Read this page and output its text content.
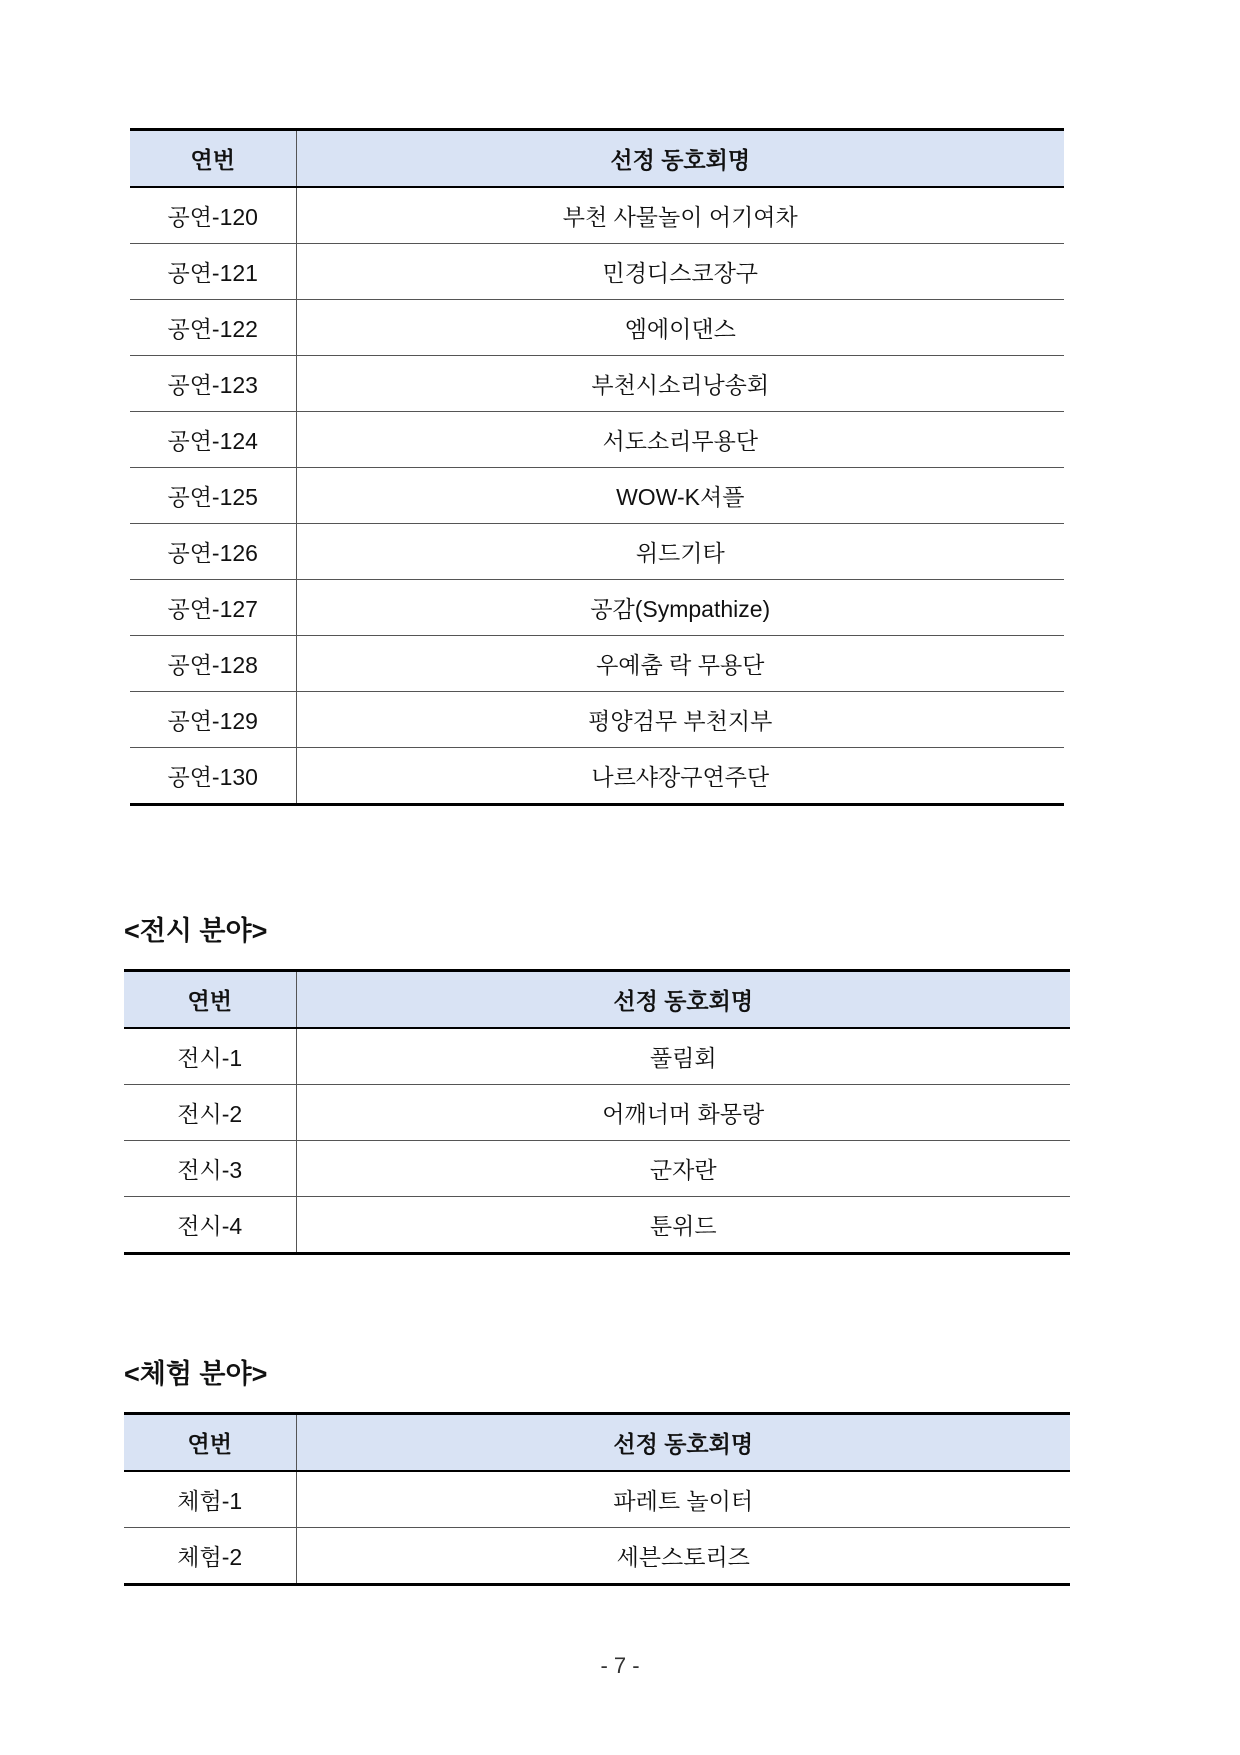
연번	선정 동호회명
공연-120	부천 사물놀이 어기여차
공연-121	민경디스코장구
공연-122	엠에이댄스
공연-123	부천시소리낭송회
공연-124	서도소리무용단
공연-125	WOW-K셔플
공연-126	위드기타
공연-127	공감(Sympathize)
공연-128	우예춤 락 무용단
공연-129	평양검무 부천지부
공연-130	나르샤장구연주단
<전시 분야>
연번	선정 동호회명
전시-1	풀림회
전시-2	어깨너머 화몽랑
전시-3	군자란
전시-4	툰위드
<체험 분야>
연번	선정 동호회명
체험-1	파레트 놀이터
체험-2	세븐스토리즈
- 7 -
